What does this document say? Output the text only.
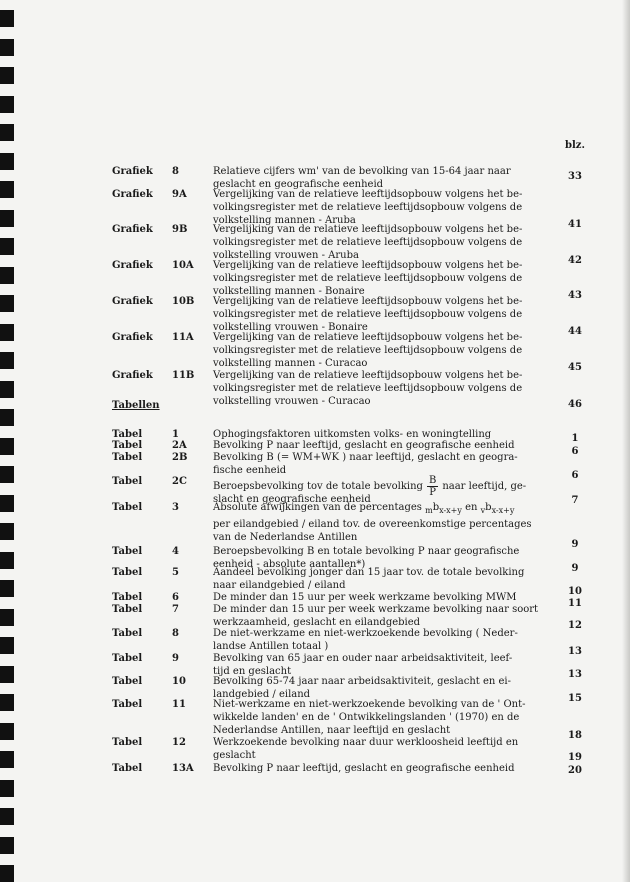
blz.
Tabellen
Grafiek 8	Relatieve cijfers wm' van de bevolking van 15-64 jaar naar
geslacht en geografische eenheid
33
Grafiek 9A	Vergelijking van de relatieve leeftijdsopbouw volgens het be-
volkingsregister met de relatieve leeftijdsopbouw volgens de
volkstelling mannen - Aruba	41
Grafiek 9B	Vergelijking van de relatieve leeftijdsopbouw volgens het be-
volkingsregister met de relatieve leeftijdsopbouw volgens de
volkstelling vrouwen - Aruba	42
Grafiek 10A	Vergelijking van de relatieve leeftijdsopbouw volgens het be-
volkingsregister met de relatieve leeftijdsopbouw volgens de
volkstelling mannen - Bonaire	43
Grafiek 10B	Vergelijking van de relatieve leeftijdsopbouw volgens het be-
volkingsregister met de relatieve leeftijdsopbouw volgens de
volkstelling vrouwen - Bonaire	44
Grafiek 11A	Vergelijking van de relatieve leeftijdsopbouw volgens het be-
volkingsregister met de relatieve leeftijdsopbouw volgens de
volkstelling mannen - Curacao	45
Grafiek 11B	Vergelijking van de relatieve leeftijdsopbouw volgens het be-
volkingsregister met de relatieve leeftijdsopbouw volgens de
volkstelling vrouwen - Curacao	46
Tabel	1	Ophogingsfaktoren uitkomsten volks- en woningtelling	1
Tabel	2A	Bevolking P naar leeftijd, geslacht en geografische eenheid
6
Tabel	2B	Bevolking B (= WM+WK ) naar leeftijd, geslacht en geogra-
fische eenheid	6
Tabel	2C	Beroepsbevolking tov de totale bevolking $\frac{B}{P}$ naar leeftijd, ge-
slacht en geografische eenheid	7
Tabel	3	Absolute afwijkingen van de percentages $_mb_{x-x+y}$ en $_vb_{x-x+y}$
per eilandgebied / eiland tov. de overeenkomstige percentages
van de Nederlandse Antillen
9
Tabel	4	Beroepsbevolking B en totale bevolking P naar geografische
eenheid - absolute aantallen*)	9
Tabel	5	Aandeel bevolking jonger dan 15 jaar tov. de totale bevolking
naar eilandgebied / eiland
10
Tabel	6	De minder dan 15 uur per week werkzame bevolking MWM
11
Tabel	7	De minder dan 15 uur per week werkzame bevolking naar soort
werkzaamheid, geslacht en eilandgebied	12
Tabel	8	De niet-werkzame en niet-werkzoekende bevolking ( Neder-
landse Antillen totaal )	13
Tabel	9	Bevolking van 65 jaar en ouder naar arbeidsaktiviteit, leef-
tijd en geslacht	13
Tabel	10	Bevolking 65-74 jaar naar arbeidsaktiviteit, geslacht en ei-
landgebied / eiland	15
Tabel	11	Niet-werkzame en niet-werkzoekende bevolking van de ' Ont-
wikkelde landen' en de ' Ontwikkelingslanden ' (1970) en de
Nederlandse Antillen, naar leeftijd en geslacht	18
Tabel	12	Werkzoekende bevolking naar duur werkloosheid leeftijd en
geslacht	19
Tabel	13A	Bevolking P naar leeftijd, geslacht en geografische eenheid	20
